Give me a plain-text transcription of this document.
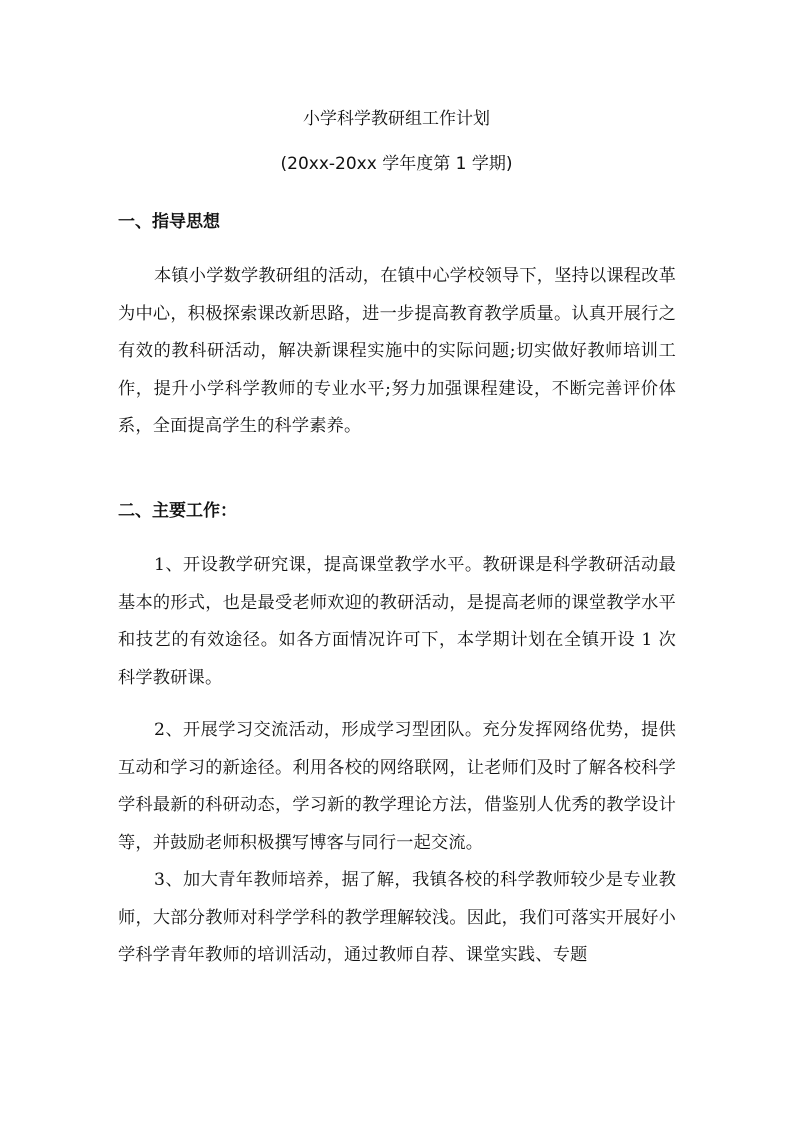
小学科学教研组工作计划
(20xx-20xx 学年度第 1 学期)
一、指导思想

本镇小学数学教研组的活动，在镇中心学校领导下，坚持以课程改革为中心，积极探索课改新思路，进一步提高教育教学质量。认真开展行之有效的教科研活动，解决新课程实施中的实际问题;切实做好教师培训工作，提升小学科学教师的专业水平;努力加强课程建设，不断完善评价体系，全面提高学生的科学素养。

二、主要工作：

1、开设教学研究课，提高课堂教学水平。教研课是科学教研活动最基本的形式，也是最受老师欢迎的教研活动，是提高老师的课堂教学水平和技艺的有效途径。如各方面情况许可下，本学期计划在全镇开设 1 次科学教研课。

2、开展学习交流活动，形成学习型团队。充分发挥网络优势，提供互动和学习的新途径。利用各校的网络联网，让老师们及时了解各校科学学科最新的科研动态，学习新的教学理论方法，借鉴别人优秀的教学设计等，并鼓励老师积极撰写博客与同行一起交流。

3、加大青年教师培养，据了解，我镇各校的科学教师较少是专业教师，大部分教师对科学学科的教学理解较浅。因此，我们可落实开展好小学科学青年教师的培训活动，通过教师自荐、课堂实践、专题
